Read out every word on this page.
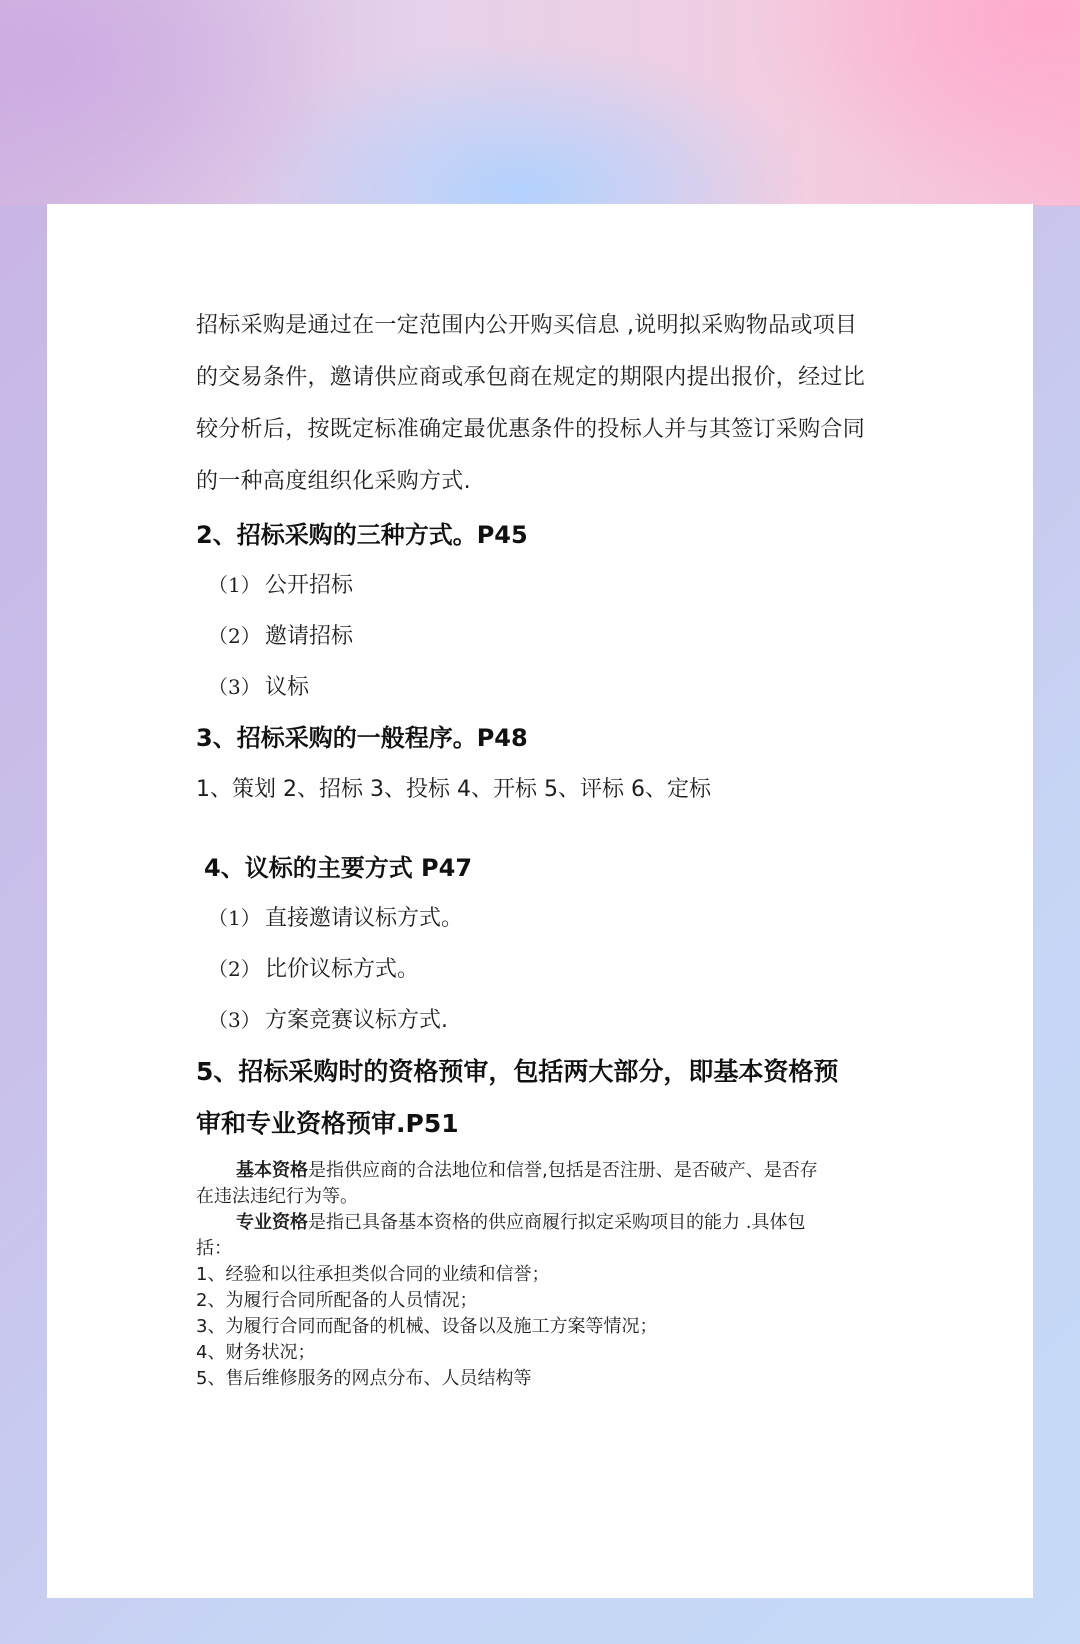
招标采购是通过在一定范围内公开购买信息 ,说明拟采购物品或项目

的交易条件，邀请供应商或承包商在规定的期限内提出报价，经过比

较分析后，按既定标准确定最优惠条件的投标人并与其签订采购合同

的一种高度组织化采购方式.

2、招标采购的三种方式。P45

（1） 公开招标

（2） 邀请招标

（3） 议标

3、招标采购的一般程序。P48

1、策划 2、招标 3、投标 4、开标 5、评标 6、定标

4、议标的主要方式 P47

（1） 直接邀请议标方式。

（2） 比价议标方式。

（3） 方案竞赛议标方式.

5、招标采购时的资格预审，包括两大部分，即基本资格预

审和专业资格预审.P51

基本资格是指供应商的合法地位和信誉,包括是否注册、是否破产、是否存

在违法违纪行为等。

专业资格是指已具备基本资格的供应商履行拟定采购项目的能力 .具体包

括：

1、经验和以往承担类似合同的业绩和信誉；

2、为履行合同所配备的人员情况；

3、为履行合同而配备的机械、设备以及施工方案等情况；

4、财务状况；

5、售后维修服务的网点分布、人员结构等
